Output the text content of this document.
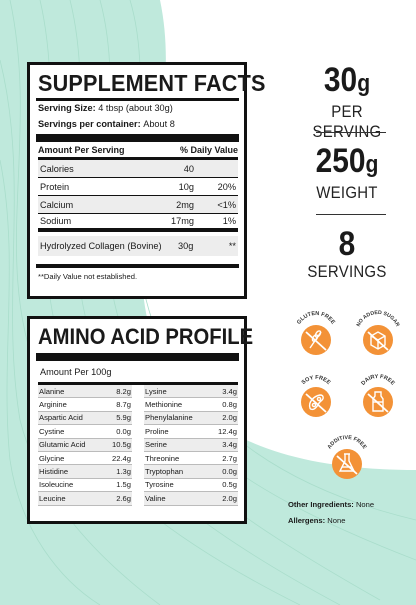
SUPPLEMENT FACTS
Serving Size: 4 tbsp (about 30g)
Servings per container: About 8
Amount Per Serving	% Daily Value
Calories	40
Protein	10g	20%
Calcium	2mg	<1%
Sodium	17mg	1%
Hydrolyzed Collagen (Bovine)	30g	**
**Daily Value not established.
AMINO ACID PROFILE
Amount Per 100g
Alanine	8.2g
Arginine	8.7g
Aspartic Acid	5.9g
Cystine	0.0g
Glutamic Acid	10.5g
Glycine	22.4g
Histidine	1.3g
Isoleucine	1.5g
Leucine	2.6g
Lysine	3.4g
Methionine	0.8g
Phenylalanine	2.0g
Proline	12.4g
Serine	3.4g
Threonine	2.7g
Tryptophan	0.0g
Tyrosine	0.5g
Valine	2.0g
30g
PER SERVING
250g
WEIGHT
8
SERVINGS
GLUTEN FREE	NO ADDED SUGAR
SOY FREE	DAIRY FREE
ADDITIVE FREE
Other Ingredients: None
Allergens: None
